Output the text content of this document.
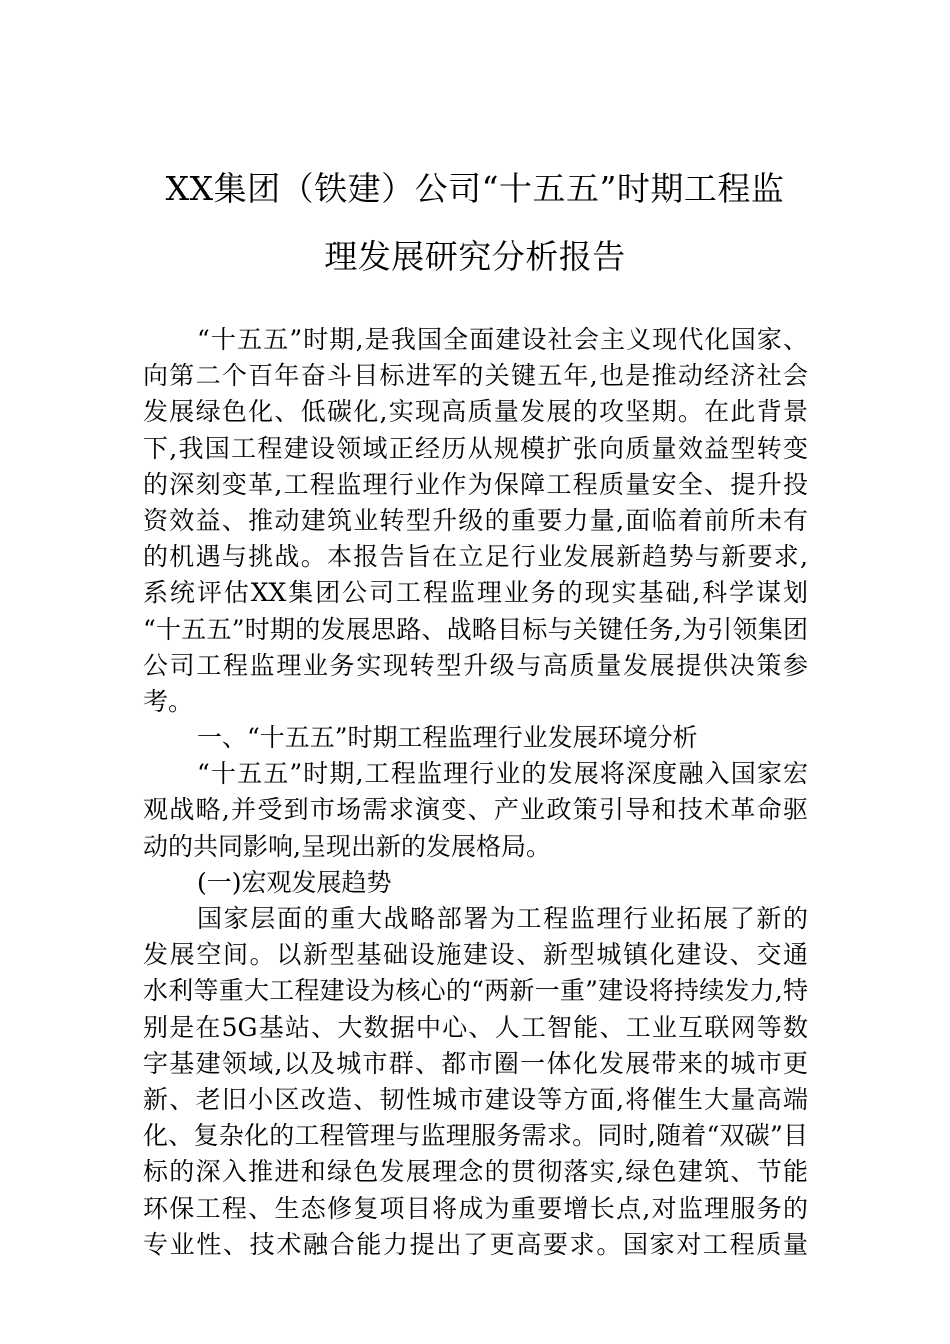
XX集团（铁建）公司“十五五”时期工程监
理发展研究分析报告
“十五五”时期,是我国全面建设社会主义现代化国家、
向第二个百年奋斗目标进军的关键五年,也是推动经济社会
发展绿色化、低碳化,实现高质量发展的攻坚期。在此背景
下,我国工程建设领域正经历从规模扩张向质量效益型转变
的深刻变革,工程监理行业作为保障工程质量安全、提升投
资效益、推动建筑业转型升级的重要力量,面临着前所未有
的机遇与挑战。本报告旨在立足行业发展新趋势与新要求,
系统评估XX集团公司工程监理业务的现实基础,科学谋划
“十五五”时期的发展思路、战略目标与关键任务,为引领集团
公司工程监理业务实现转型升级与高质量发展提供决策参
考。
一、“十五五”时期工程监理行业发展环境分析
“十五五”时期,工程监理行业的发展将深度融入国家宏
观战略,并受到市场需求演变、产业政策引导和技术革命驱
动的共同影响,呈现出新的发展格局。
(一)宏观发展趋势
国家层面的重大战略部署为工程监理行业拓展了新的
发展空间。以新型基础设施建设、新型城镇化建设、交通
水利等重大工程建设为核心的“两新一重”建设将持续发力,特
别是在5G基站、大数据中心、人工智能、工业互联网等数
字基建领域,以及城市群、都市圈一体化发展带来的城市更
新、老旧小区改造、韧性城市建设等方面,将催生大量高端
化、复杂化的工程管理与监理服务需求。同时,随着“双碳”目
标的深入推进和绿色发展理念的贯彻落实,绿色建筑、节能
环保工程、生态修复项目将成为重要增长点,对监理服务的
专业性、技术融合能力提出了更高要求。国家对工程质量
